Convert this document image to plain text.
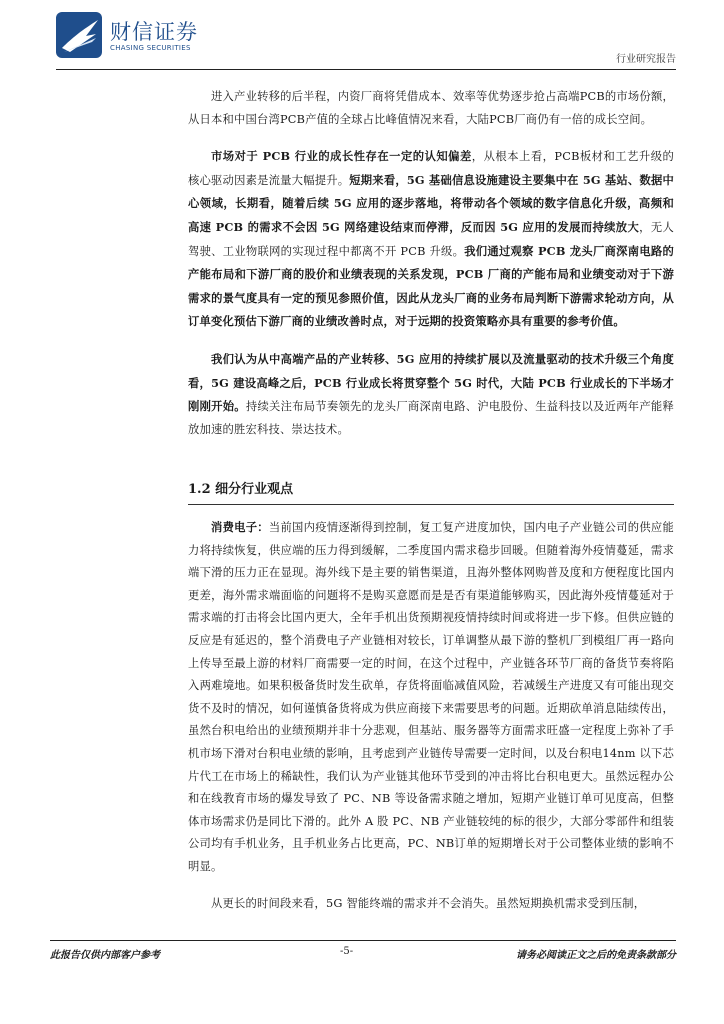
财信证券
CHASING SECURITIES
行业研究报告

进入产业转移的后半程，内资厂商将凭借成本、效率等优势逐步抢占高端PCB的市场份额，从日本和中国台湾PCB产值的全球占比峰值情况来看，大陆PCB厂商仍有一倍的成长空间。

市场对于 PCB 行业的成长性存在一定的认知偏差，从根本上看，PCB板材和工艺升级的核心驱动因素是流量大幅提升。短期来看，5G 基础信息设施建设主要集中在 5G 基站、数据中心领域，长期看，随着后续 5G 应用的逐步落地，将带动各个领域的数字信息化升级，高频和高速 PCB 的需求不会因 5G 网络建设结束而停滞，反而因 5G 应用的发展而持续放大，无人驾驶、工业物联网的实现过程中都离不开 PCB 升级。我们通过观察 PCB 龙头厂商深南电路的产能布局和下游厂商的股价和业绩表现的关系发现，PCB 厂商的产能布局和业绩变动对于下游需求的景气度具有一定的预见参照价值，因此从龙头厂商的业务布局判断下游需求轮动方向，从订单变化预估下游厂商的业绩改善时点，对于远期的投资策略亦具有重要的参考价值。

我们认为从中高端产品的产业转移、5G 应用的持续扩展以及流量驱动的技术升级三个角度看，5G 建设高峰之后，PCB 行业成长将贯穿整个 5G 时代，大陆 PCB 行业成长的下半场才刚刚开始。持续关注布局节奏领先的龙头厂商深南电路、沪电股份、生益科技以及近两年产能释放加速的胜宏科技、崇达技术。

1.2 细分行业观点

消费电子：当前国内疫情逐渐得到控制，复工复产进度加快，国内电子产业链公司的供应能力将持续恢复，供应端的压力得到缓解，二季度国内需求稳步回暖。但随着海外疫情蔓延，需求端下滑的压力正在显现。海外线下是主要的销售渠道，且海外整体网购普及度和方便程度比国内更差，海外需求端面临的问题将不是购买意愿而是是否有渠道能够购买，因此海外疫情蔓延对于需求端的打击将会比国内更大，全年手机出货预期视疫情持续时间或将进一步下修。但供应链的反应是有延迟的，整个消费电子产业链相对较长，订单调整从最下游的整机厂到模组厂再一路向上传导至最上游的材料厂商需要一定的时间，在这个过程中，产业链各环节厂商的备货节奏将陷入两难境地。如果积极备货时发生砍单，存货将面临减值风险，若减缓生产进度又有可能出现交货不及时的情况，如何谨慎备货将成为供应商接下来需要思考的问题。近期砍单消息陆续传出，虽然台积电给出的业绩预期并非十分悲观，但基站、服务器等方面需求旺盛一定程度上弥补了手机市场下滑对台积电业绩的影响，且考虑到产业链传导需要一定时间，以及台积电14nm 以下芯片代工在市场上的稀缺性，我们认为产业链其他环节受到的冲击将比台积电更大。虽然远程办公和在线教育市场的爆发导致了 PC、NB 等设备需求随之增加，短期产业链订单可见度高，但整体市场需求仍是同比下滑的。此外 A 股 PC、NB 产业链较纯的标的很少，大部分零部件和组装公司均有手机业务，且手机业务占比更高，PC、NB订单的短期增长对于公司整体业绩的影响不明显。

从更长的时间段来看，5G 智能终端的需求并不会消失。虽然短期换机需求受到压制，

此报告仅供内部客户参考	-5-	请务必阅读正文之后的免责条款部分
